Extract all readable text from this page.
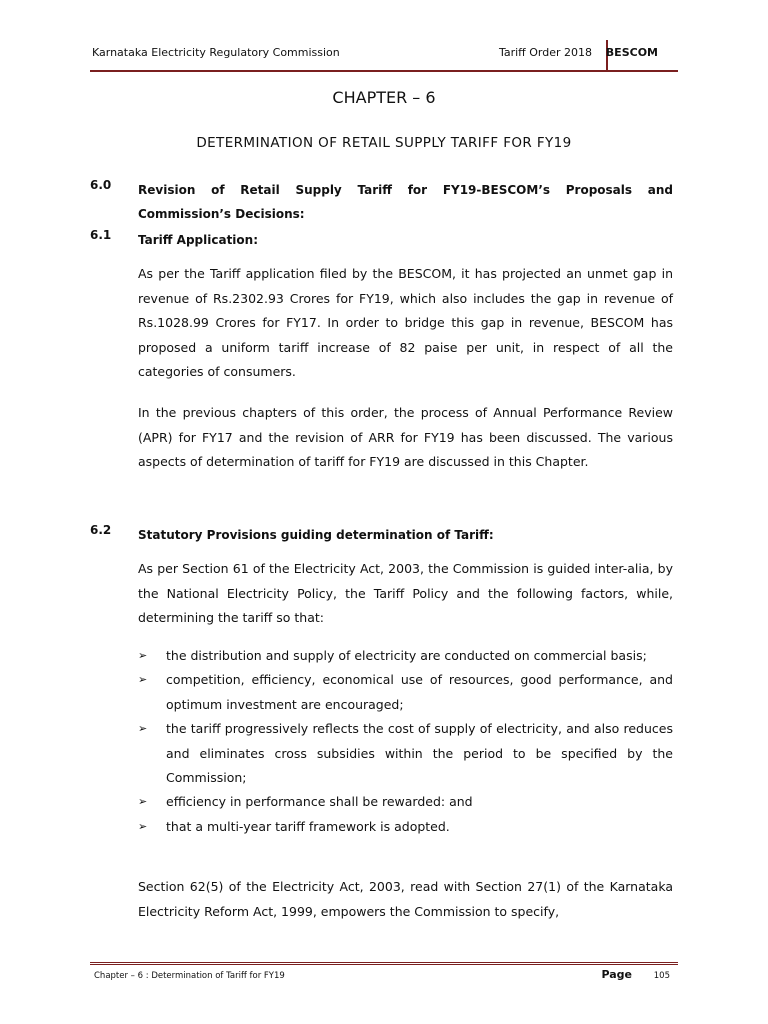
Karnataka Electricity Regulatory Commission	Tariff Order 2018 BESCOM
CHAPTER – 6
DETERMINATION OF RETAIL SUPPLY TARIFF FOR FY19
6.0 Revision of Retail Supply Tariff for FY19-BESCOM’s Proposals and Commission’s Decisions:
6.1 Tariff Application:
As per the Tariff application filed by the BESCOM, it has projected an unmet gap in revenue of Rs.2302.93 Crores for FY19, which also includes the gap in revenue of Rs.1028.99 Crores for FY17. In order to bridge this gap in revenue, BESCOM has proposed a uniform tariff increase of 82 paise per unit, in respect of all the categories of consumers.
In the previous chapters of this order, the process of Annual Performance Review (APR) for FY17 and the revision of ARR for FY19 has been discussed. The various aspects of determination of tariff for FY19 are discussed in this Chapter.
6.2 Statutory Provisions guiding determination of Tariff:
As per Section 61 of the Electricity Act, 2003, the Commission is guided inter-alia, by the National Electricity Policy, the Tariff Policy and the following factors, while, determining the tariff so that:
➢ the distribution and supply of electricity are conducted on commercial basis;
➢ competition, efficiency, economical use of resources, good performance, and optimum investment are encouraged;
➢ the tariff progressively reflects the cost of supply of electricity, and also reduces and eliminates cross subsidies within the period to be specified by the Commission;
➢ efficiency in performance shall be rewarded: and
➢ that a multi-year tariff framework is adopted.
Section 62(5) of the Electricity Act, 2003, read with Section 27(1) of the Karnataka Electricity Reform Act, 1999, empowers the Commission to specify,
Chapter – 6 : Determination of Tariff for FY19	Page	105
